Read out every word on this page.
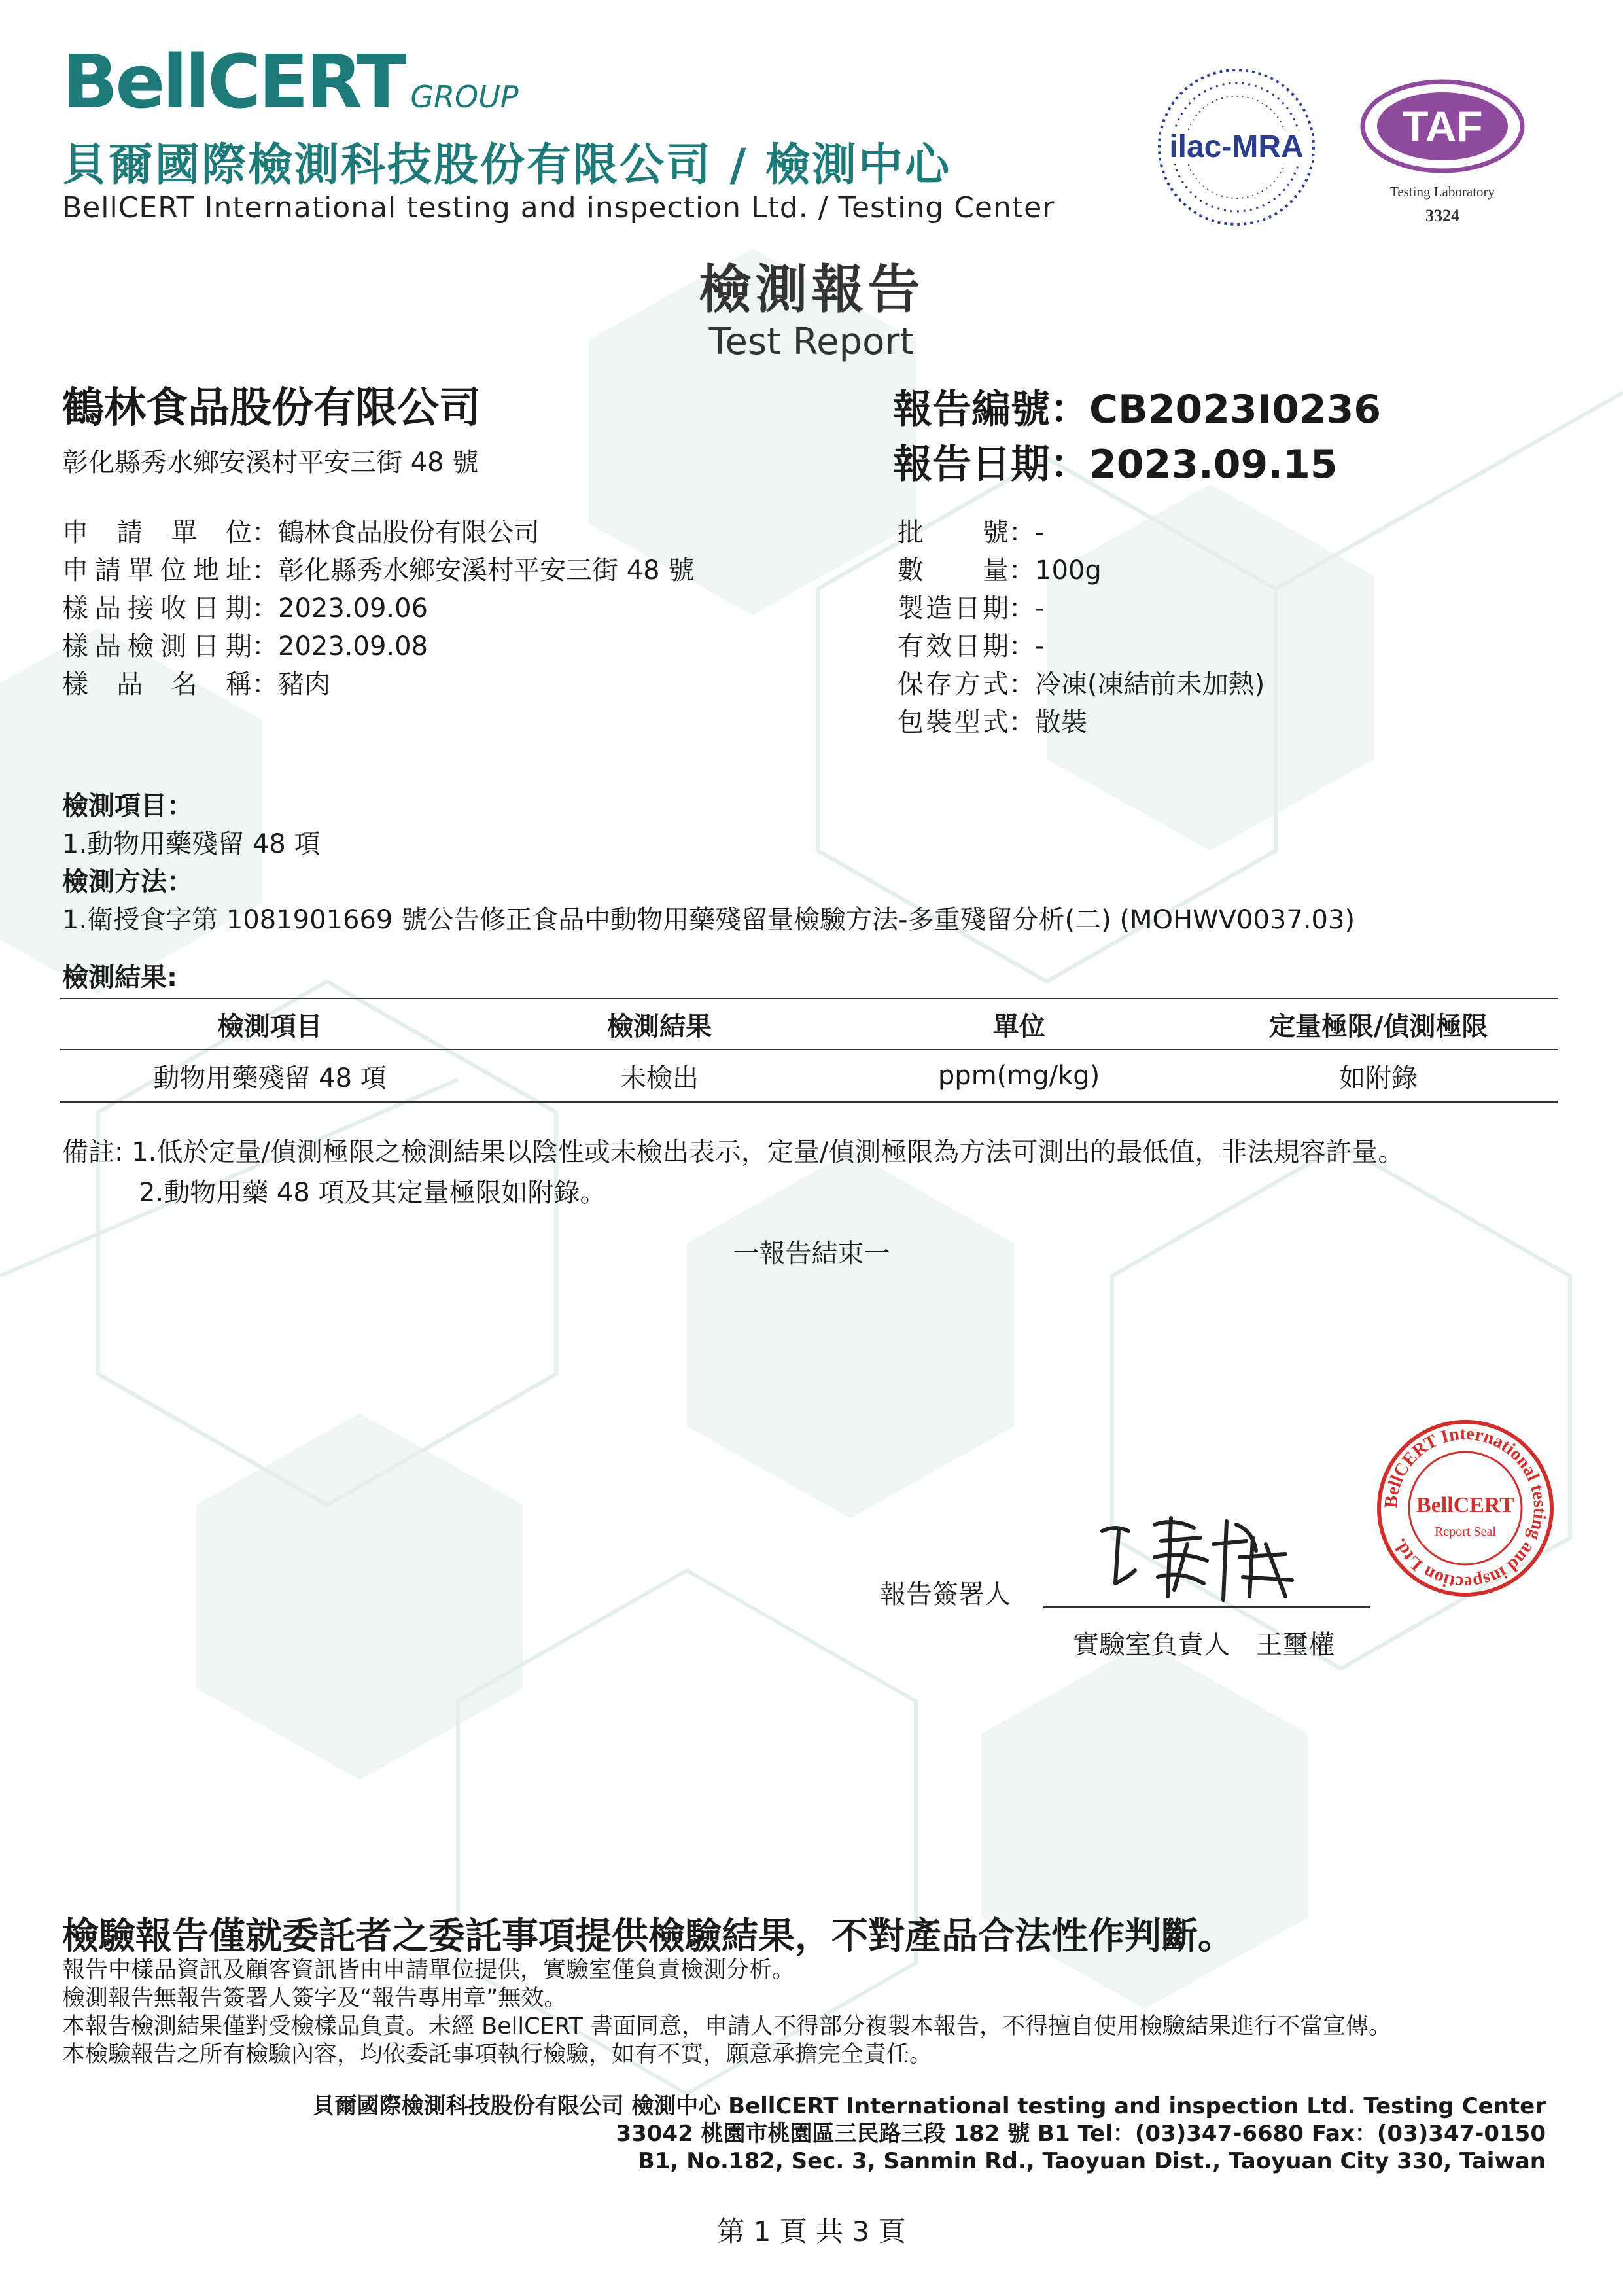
BellCERT GROUP
貝爾國際檢測科技股份有限公司 / 檢測中心
BellCERT International testing and inspection Ltd. / Testing Center
ilac-MRA TAF
Testing Laboratory
3324
檢測報告
Test Report
鶴林食品股份有限公司
彰化縣秀水鄉安溪村平安三街 48 號
報告編號：CB2023I0236
報告日期：2023.09.15
申請單位：鶴林食品股份有限公司
申請單位地址：彰化縣秀水鄉安溪村平安三街 48 號
樣品接收日期：2023.09.06
樣品檢測日期：2023.09.08
樣品名稱：豬肉
批號：-
數量：100g
製造日期：-
有效日期：-
保存方式：冷凍(凍結前未加熱)
包裝型式：散裝
檢測項目：
1.動物用藥殘留 48 項
檢測方法：
1.衛授食字第 1081901669 號公告修正食品中動物用藥殘留量檢驗方法-多重殘留分析(二) (MOHWV0037.03)
檢測結果:
檢測項目	檢測結果	單位	定量極限/偵測極限
動物用藥殘留 48 項	未檢出	ppm(mg/kg)	如附錄
備註: 1.低於定量/偵測極限之檢測結果以陰性或未檢出表示，定量/偵測極限為方法可測出的最低值，非法規容許量。
2.動物用藥 48 項及其定量極限如附錄。
一報告結束一
報告簽署人
實驗室負責人　王璽權
BellCERT International testing and inspection Ltd.
BellCERT
Report Seal
檢驗報告僅就委託者之委託事項提供檢驗結果，不對產品合法性作判斷。
報告中樣品資訊及顧客資訊皆由申請單位提供，實驗室僅負責檢測分析。
檢測報告無報告簽署人簽字及“報告專用章”無效。
本報告檢測結果僅對受檢樣品負責。未經 BellCERT 書面同意，申請人不得部分複製本報告，不得擅自使用檢驗結果進行不當宣傳。
本檢驗報告之所有檢驗內容，均依委託事項執行檢驗，如有不實，願意承擔完全責任。
貝爾國際檢測科技股份有限公司 檢測中心 BellCERT International testing and inspection Ltd. Testing Center
33042 桃園市桃園區三民路三段 182 號 B1 Tel：(03)347-6680 Fax：(03)347-0150
B1, No.182, Sec. 3, Sanmin Rd., Taoyuan Dist., Taoyuan City 330, Taiwan
第 1 頁 共 3 頁
